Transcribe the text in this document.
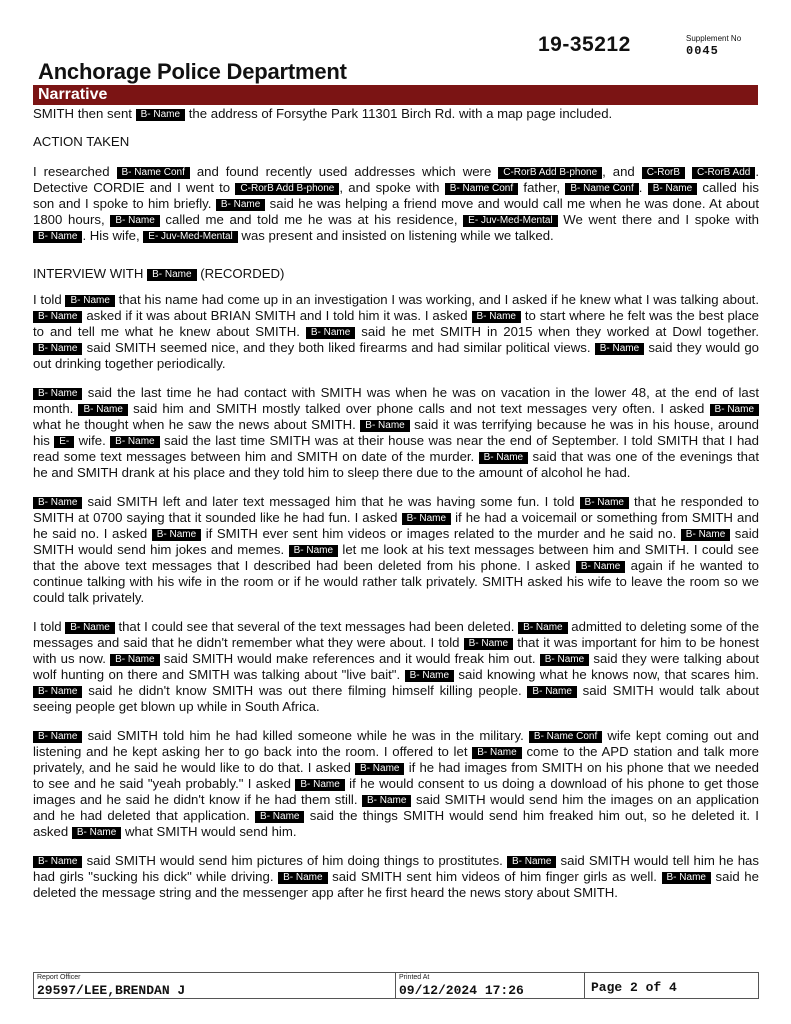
19-35212	Supplement No
0045
Anchorage Police Department
Narrative

SMITH then sent B- Name the address of Forsythe Park 11301 Birch Rd. with a map page included.

ACTION TAKEN

I researched B- Name Conf and found recently used addresses which were C-RorB Add B-phone , and C-RorB C-RorB Add . Detective CORDIE and I went to C-RorB Add B-phone , and spoke with B- Name Conf father, B- Name Conf . B- Name called his son and I spoke to him briefly. B- Name said he was helping a friend move and would call me when he was done. At about 1800 hours, B- Name called me and told me he was at his residence, E- Juv-Med-Mental We went there and I spoke with B- Name . His wife, E- Juv-Med-Mental was present and insisted on listening while we talked.

INTERVIEW WITH B- Name (RECORDED)

I told B- Name that his name had come up in an investigation I was working, and I asked if he knew what I was talking about. B- Name asked if it was about BRIAN SMITH and I told him it was. I asked B- Name to start where he felt was the best place to and tell me what he knew about SMITH. B- Name said he met SMITH in 2015 when they worked at Dowl together. B- Name said SMITH seemed nice, and they both liked firearms and had similar political views. B- Name said they would go out drinking together periodically.

B- Name said the last time he had contact with SMITH was when he was on vacation in the lower 48, at the end of last month. B- Name said him and SMITH mostly talked over phone calls and not text messages very often. I asked B- Name what he thought when he saw the news about SMITH. B- Name said it was terrifying because he was in his house, around his E- wife. B- Name said the last time SMITH was at their house was near the end of September. I told SMITH that I had read some text messages between him and SMITH on date of the murder. B- Name said that was one of the evenings that he and SMITH drank at his place and they told him to sleep there due to the amount of alcohol he had.

B- Name said SMITH left and later text messaged him that he was having some fun. I told B- Name that he responded to SMITH at 0700 saying that it sounded like he had fun. I asked B- Name if he had a voicemail or something from SMITH and he said no. I asked B- Name if SMITH ever sent him videos or images related to the murder and he said no. B- Name said SMITH would send him jokes and memes. B- Name let me look at his text messages between him and SMITH. I could see that the above text messages that I described had been deleted from his phone. I asked B- Name again if he wanted to continue talking with his wife in the room or if he would rather talk privately. SMITH asked his wife to leave the room so we could talk privately.

I told B- Name that I could see that several of the text messages had been deleted. B- Name admitted to deleting some of the messages and said that he didn't remember what they were about. I told B- Name that it was important for him to be honest with us now. B- Name said SMITH would make references and it would freak him out. B- Name said they were talking about wolf hunting on there and SMITH was talking about "live bait". B- Name said knowing what he knows now, that scares him. B- Name said he didn't know SMITH was out there filming himself killing people. B- Name said SMITH would talk about seeing people get blown up while in South Africa.

B- Name said SMITH told him he had killed someone while he was in the military. B- Name Conf wife kept coming out and listening and he kept asking her to go back into the room. I offered to let B- Name come to the APD station and talk more privately, and he said he would like to do that. I asked B- Name if he had images from SMITH on his phone that we needed to see and he said "yeah probably." I asked B- Name if he would consent to us doing a download of his phone to get those images and he said he didn't know if he had them still. B- Name said SMITH would send him the images on an application and he had deleted that application. B- Name said the things SMITH would send him freaked him out, so he deleted it. I asked B- Name what SMITH would send him.

B- Name said SMITH would send him pictures of him doing things to prostitutes. B- Name said SMITH would tell him he has had girls "sucking his dick" while driving. B- Name said SMITH sent him videos of him finger girls as well. B- Name said he deleted the message string and the messenger app after he first heard the news story about SMITH.

Report Officer
29597/LEE,BRENDAN J
Printed At
09/12/2024 17:26	Page 2 of 4
